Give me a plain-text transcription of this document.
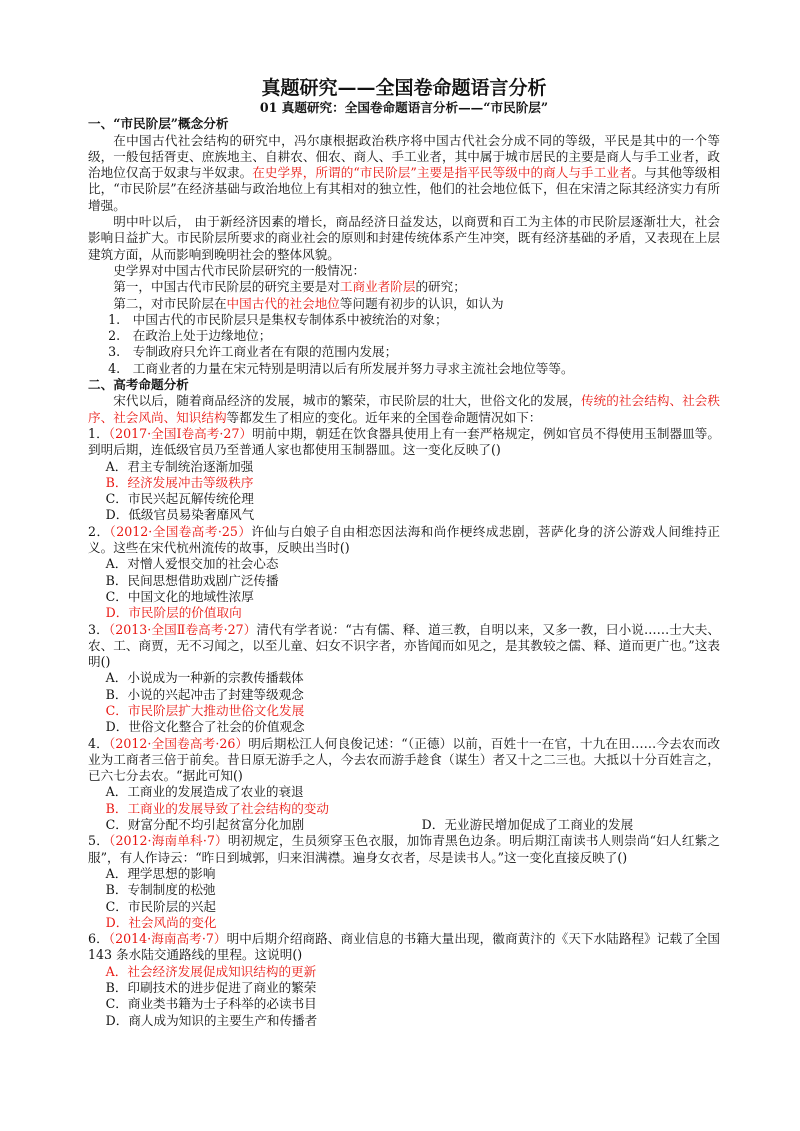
真题研究——全国卷命题语言分析

01 真题研究：全国卷命题语言分析——“市民阶层”

一、“市民阶层”概念分析

在中国古代社会结构的研究中，冯尔康根据政治秩序将中国古代社会分成不同的等级，平民是其中的一个等级，一般包括胥吏、庶族地主、自耕农、佃农、商人、手工业者，其中属于城市居民的主要是商人与手工业者，政治地位仅高于奴隶与半奴隶。在史学界，所谓的“市民阶层”主要是指平民等级中的商人与手工业者。与其他等级相比，“市民阶层”在经济基础与政治地位上有其相对的独立性，他们的社会地位低下，但在宋清之际其经济实力有所增强。

明中叶以后， 由于新经济因素的增长，商品经济日益发达，以商贾和百工为主体的市民阶层逐渐壮大，社会影响日益扩大。市民阶层所要求的商业社会的原则和封建传统体系产生冲突，既有经济基础的矛盾，又表现在上层建筑方面，从而影响到晚明社会的整体风貌。

史学界对中国古代市民阶层研究的一般情况：

第一，中国古代市民阶层的研究主要是对工商业者阶层的研究；

第二，对市民阶层在中国古代的社会地位等问题有初步的认识，如认为

1.　中国古代的市民阶层只是集权专制体系中被统治的对象；

2.　在政治上处于边缘地位；

3.　专制政府只允许工商业者在有限的范围内发展；

4.　工商业者的力量在宋元特别是明清以后有所发展并努力寻求主流社会地位等等。

二、高考命题分析

宋代以后，随着商品经济的发展，城市的繁荣，市民阶层的壮大，世俗文化的发展，传统的社会结构、社会秩序、社会风尚、知识结构等都发生了相应的变化。近年来的全国卷命题情况如下：

1．（2017·全国Ⅰ卷高考·27）明前中期，朝廷在饮食器具使用上有一套严格规定，例如官员不得使用玉制器皿等。到明后期，连低级官员乃至普通人家也都使用玉制器皿。这一变化反映了()

A．君主专制统治逐渐加强

B．经济发展冲击等级秩序

C．市民兴起瓦解传统伦理

D．低级官员易染奢靡风气

2．（2012·全国卷高考·25）许仙与白娘子自由相恋因法海和尚作梗终成悲剧，菩萨化身的济公游戏人间维持正义。这些在宋代杭州流传的故事，反映出当时()

A．对憎人爱恨交加的社会心态

B．民间思想借助戏剧广泛传播

C．中国文化的地域性浓厚

D．市民阶层的价值取向

3．（2013·全国Ⅱ卷高考·27）清代有学者说：“古有儒、释、道三教，自明以来，又多一教，曰小说……士大夫、农、工、商贾，无不习闻之，以至儿童、妇女不识字者，亦皆闻而如见之，是其教较之儒、释、道而更广也。”这表明()

A．小说成为一种新的宗教传播载体

B．小说的兴起冲击了封建等级观念

C．市民阶层扩大推动世俗文化发展

D．世俗文化整合了社会的价值观念

4．（2012·全国卷高考·26）明后期松江人何良俊记述：“（正德）以前，百姓十一在官，十九在田……今去农而改业为工商者三倍于前矣。昔日原无游手之人，今去农而游手趁食（谋生）者又十之二三也。大抵以十分百姓言之，已六七分去农。“据此可知()

A．工商业的发展造成了农业的衰退

B．工商业的发展导致了社会结构的变动

C．财富分配不均引起贫富分化加剧	D．无业游民增加促成了工商业的发展

5．（2012·海南单科·7）明初规定，生员须穿玉色衣服，加饰青黑色边条。明后期江南读书人则崇尚“妇人红紫之服”，有人作诗云：“昨日到城郭，归来泪满襟。遍身女衣者，尽是读书人。”这一变化直接反映了()

A．理学思想的影响

B．专制制度的松弛

C．市民阶层的兴起

D．社会风尚的变化

6．（2014·海南高考·7）明中后期介绍商路、商业信息的书籍大量出现，徽商黄汴的《天下水陆路程》记载了全国 143 条水陆交通路线的里程。这说明()

A．社会经济发展促成知识结构的更新

B．印刷技术的进步促进了商业的繁荣

C．商业类书籍为士子科举的必读书目

D．商人成为知识的主要生产和传播者
